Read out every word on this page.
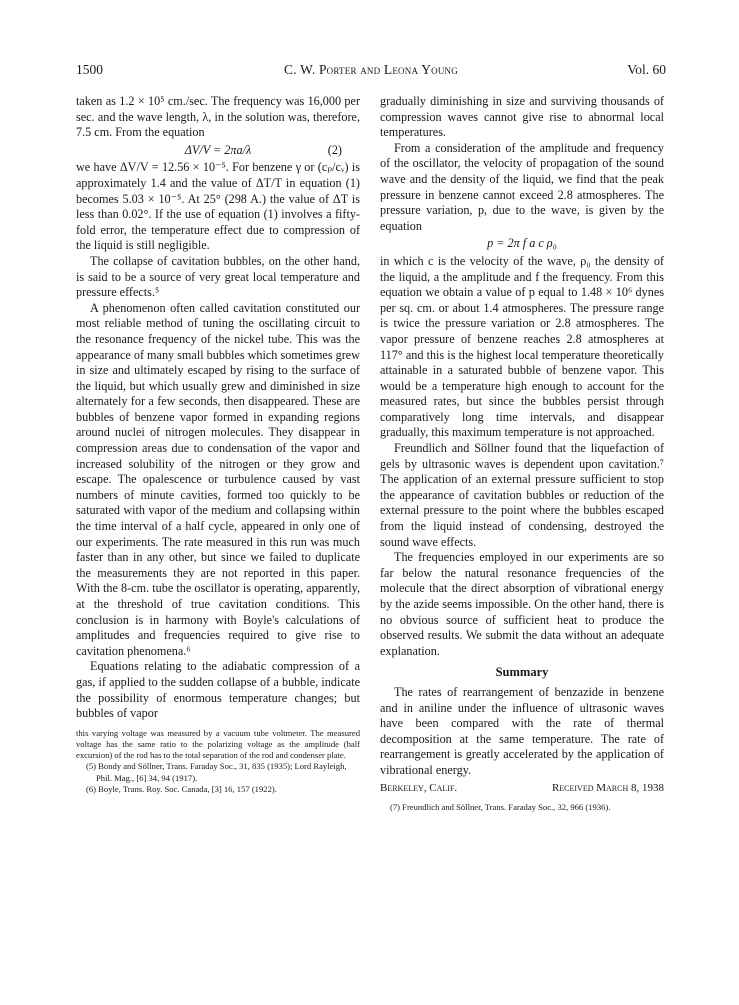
1500	C. W. Porter and Leona Young	Vol. 60

taken as 1.2 × 10⁵ cm./sec. The frequency was 16,000 per sec. and the wave length, λ, in the solution was, therefore, 7.5 cm. From the equation

ΔV/V = 2πa/λ	(2)

we have ΔV/V = 12.56 × 10⁻⁵. For benzene γ or (cₚ/cᵥ) is approximately 1.4 and the value of ΔT/T in equation (1) becomes 5.03 × 10⁻⁵. At 25° (298 A.) the value of ΔT is less than 0.02°. If the use of equation (1) involves a fifty-fold error, the temperature effect due to compression of the liquid is still negligible.

The collapse of cavitation bubbles, on the other hand, is said to be a source of very great local temperature and pressure effects.⁵

A phenomenon often called cavitation constituted our most reliable method of tuning the oscillating circuit to the resonance frequency of the nickel tube. This was the appearance of many small bubbles which sometimes grew in size and ultimately escaped by rising to the surface of the liquid, but which usually grew and diminished in size alternately for a few seconds, then disappeared. These are bubbles of benzene vapor formed in expanding regions around nuclei of nitrogen molecules. They disappear in compression areas due to condensation of the vapor and increased solubility of the nitrogen or they grow and escape. The opalescence or turbulence caused by vast numbers of minute cavities, formed too quickly to be saturated with vapor of the medium and collapsing within the time interval of a half cycle, appeared in only one of our experiments. The rate measured in this run was much faster than in any other, but since we failed to duplicate the measurements they are not reported in this paper. With the 8-cm. tube the oscillator is operating, apparently, at the threshold of true cavitation conditions. This conclusion is in harmony with Boyle's calculations of amplitudes and frequencies required to give rise to cavitation phenomena.⁶

Equations relating to the adiabatic compression of a gas, if applied to the sudden collapse of a bubble, indicate the possibility of enormous temperature changes; but bubbles of vapor

this varying voltage was measured by a vacuum tube voltmeter. The measured voltage has the same ratio to the polarizing voltage as the amplitude (half excursion) of the rod has to the total separation of the rod and condenser plate.
(5) Bondy and Söllner, Trans. Faraday Soc., 31, 835 (1935); Lord Rayleigh, Phil. Mag., [6] 34, 94 (1917).
(6) Boyle, Trans. Roy. Soc. Canada, [3] 16, 157 (1922).

gradually diminishing in size and surviving thousands of compression waves cannot give rise to abnormal local temperatures.

From a consideration of the amplitude and frequency of the oscillator, the velocity of propagation of the sound wave and the density of the liquid, we find that the peak pressure in benzene cannot exceed 2.8 atmospheres. The pressure variation, p, due to the wave, is given by the equation

p = 2π f a c ρ₀

in which c is the velocity of the wave, ρ₀ the density of the liquid, a the amplitude and f the frequency. From this equation we obtain a value of p equal to 1.48 × 10⁶ dynes per sq. cm. or about 1.4 atmospheres. The pressure range is twice the pressure variation or 2.8 atmospheres. The vapor pressure of benzene reaches 2.8 atmospheres at 117° and this is the highest local temperature theoretically attainable in a saturated bubble of benzene vapor. This would be a temperature high enough to account for the measured rates, but since the bubbles persist through comparatively long time intervals, and disappear gradually, this maximum temperature is not approached.

Freundlich and Söllner found that the liquefaction of gels by ultrasonic waves is dependent upon cavitation.⁷ The application of an external pressure sufficient to stop the appearance of cavitation bubbles or reduction of the external pressure to the point where the bubbles escaped from the liquid instead of condensing, destroyed the sound wave effects.

The frequencies employed in our experiments are so far below the natural resonance frequencies of the molecule that the direct absorption of vibrational energy by the azide seems impossible. On the other hand, there is no obvious source of sufficient heat to produce the observed results. We submit the data without an adequate explanation.

Summary

The rates of rearrangement of benzazide in benzene and in aniline under the influence of ultrasonic waves have been compared with the rate of thermal decomposition at the same temperature. The rate of rearrangement is greatly accelerated by the application of vibrational energy.

Berkeley, Calif.	Received March 8, 1938
(7) Freundlich and Söllner, Trans. Faraday Soc., 32, 966 (1936).
